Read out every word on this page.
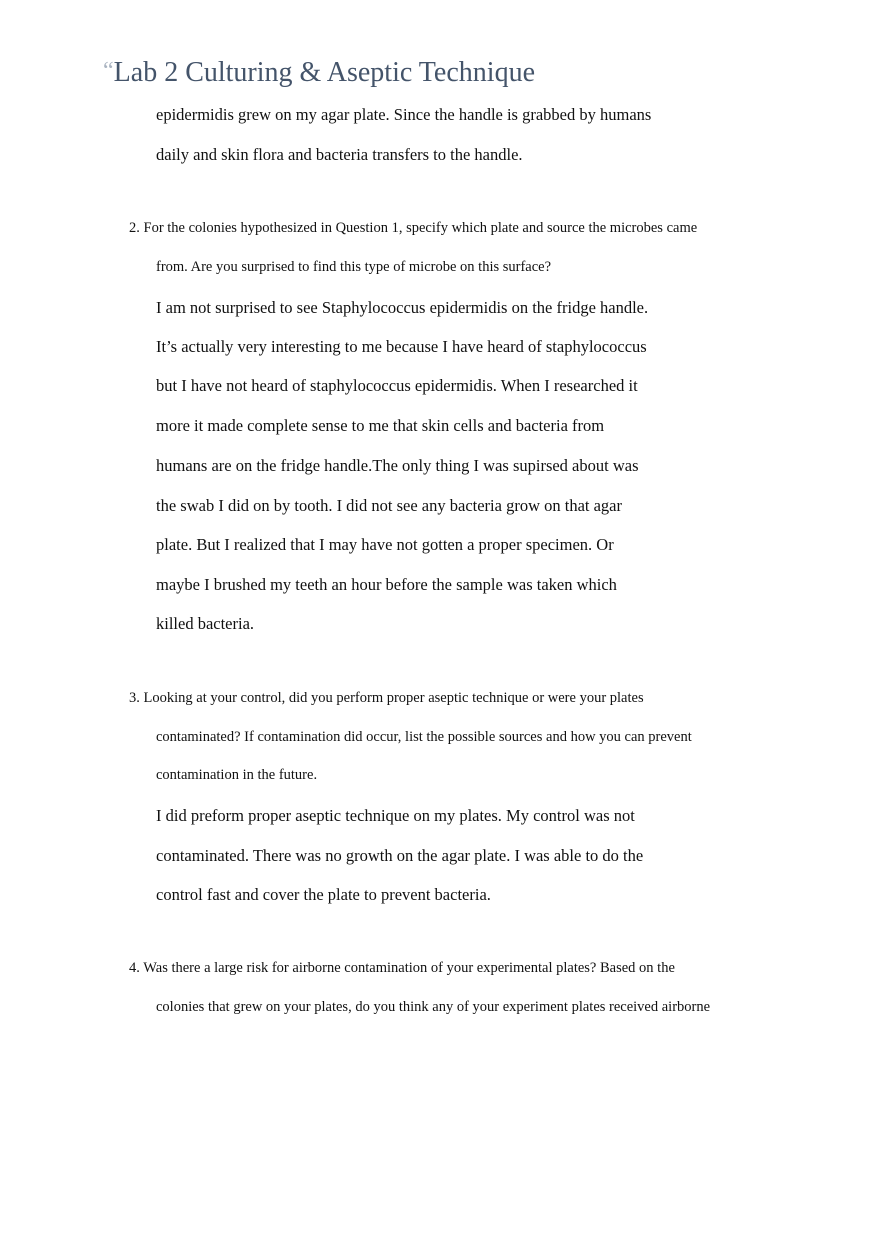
“Lab 2 Culturing & Aseptic Technique
epidermidis grew on my agar plate. Since the handle is grabbed by humans
daily and skin flora and bacteria transfers to the handle.
2. For the colonies hypothesized in Question 1, specify which plate and source the microbes came
from. Are you surprised to find this type of microbe on this surface?
I am not surprised to see Staphylococcus epidermidis on the fridge handle.
It’s actually very interesting to me because I have heard of staphylococcus
but I have not heard of staphylococcus epidermidis. When I researched it
more it made complete sense to me that skin cells and bacteria from
humans are on the fridge handle.The only thing I was supirsed about was
the swab I did on by tooth. I did not see any bacteria grow on that agar
plate. But I realized that I may have not gotten a proper specimen. Or
maybe I brushed my teeth an hour before the sample was taken which
killed bacteria.
3. Looking at your control, did you perform proper aseptic technique or were your plates
contaminated? If contamination did occur, list the possible sources and how you can prevent
contamination in the future.
I did preform proper aseptic technique on my plates. My control was not
contaminated. There was no growth on the agar plate. I was able to do the
control fast and cover the plate to prevent bacteria.
4. Was there a large risk for airborne contamination of your experimental plates? Based on the
colonies that grew on your plates, do you think any of your experiment plates received airborne
